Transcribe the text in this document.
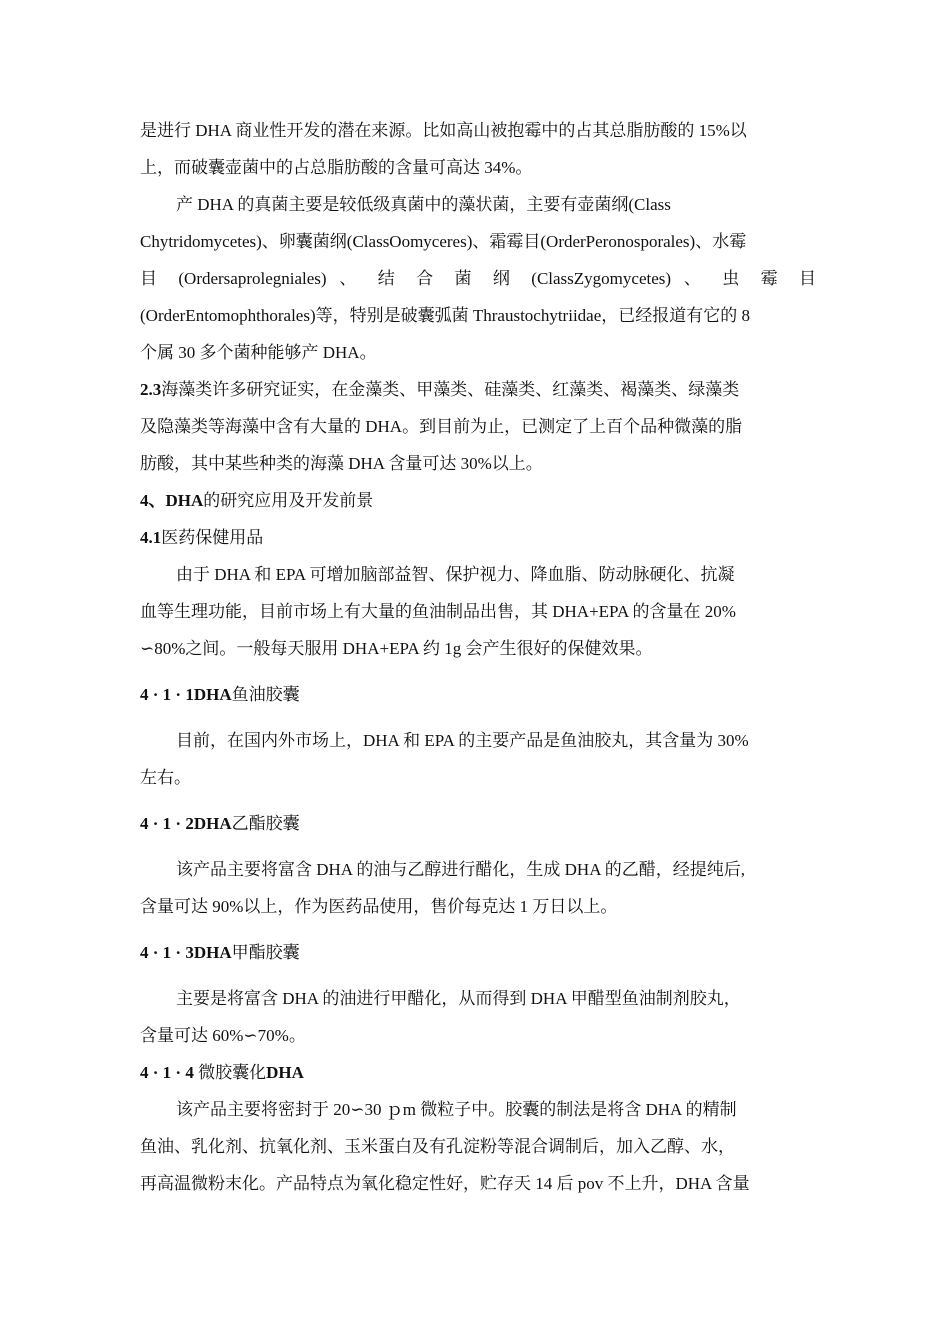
是进行 DHA 商业性开发的潜在来源。比如高山被抱霉中的占其总脂肪酸的 15%以
上，而破囊壶菌中的占总脂肪酸的含量可高达 34%。
产 DHA 的真菌主要是较低级真菌中的藻状菌，主要有壶菌纲(Class
Chytridomycetes)、卵囊菌纲(ClassOomyceres)、霜霉目(OrderPeronosporales)、水霉
目 (Ordersaprolegniales) 、 结 合 菌 纲 (ClassZygomycetes) 、 虫 霉 目
(OrderEntomophthorales)等，特别是破囊弧菌 Thraustochytriidae，已经报道有它的 8
个属 30 多个菌种能够产 DHA。
2.3海藻类许多研究证实，在金藻类、甲藻类、硅藻类、红藻类、褐藻类、绿藻类
及隐藻类等海藻中含有大量的 DHA。到目前为止，已测定了上百个品种微藻的脂
肪酸，其中某些种类的海藻 DHA 含量可达 30%以上。
4、DHA的研究应用及开发前景
4.1医药保健用品
由于 DHA 和 EPA 可增加脑部益智、保护视力、降血脂、防动脉硬化、抗凝
血等生理功能，目前市场上有大量的鱼油制品出售，其 DHA+EPA 的含量在 20%
∽80%之间。一般每天服用 DHA+EPA 约 1g 会产生很好的保健效果。
4 · 1 · 1DHA鱼油胶囊
目前，在国内外市场上，DHA 和 EPA 的主要产品是鱼油胶丸，其含量为 30%
左右。
4 · 1 · 2DHA乙酯胶囊
该产品主要将富含 DHA 的油与乙醇进行醋化，生成 DHA 的乙醋，经提纯后,
含量可达 90%以上，作为医药品使用，售价每克达 1 万日以上。
4 · 1 · 3DHA甲酯胶囊
主要是将富含 DHA 的油进行甲醋化，从而得到 DHA 甲醋型鱼油制剂胶丸，
含量可达 60%∽70%。
4 · 1 · 4 微胶囊化DHA
该产品主要将密封于 20∽30 ｐm 微粒子中。胶囊的制法是将含 DHA 的精制
鱼油、乳化剂、抗氧化剂、玉米蛋白及有孔淀粉等混合调制后，加入乙醇、水，
再高温微粉末化。产品特点为氧化稳定性好，贮存天 14 后 pov 不上升，DHA 含量
